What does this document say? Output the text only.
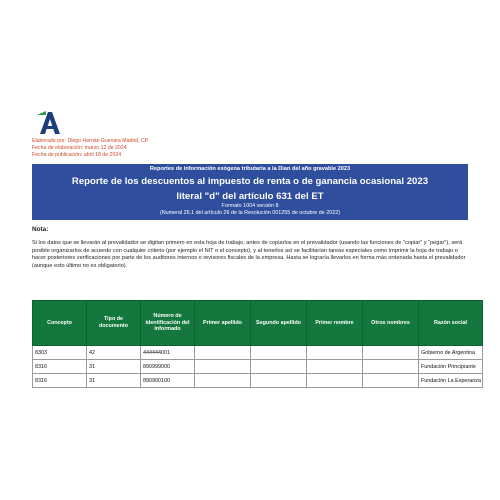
Elaborado por: Diego Hernán Guevara Madrid, CP
Fecha de elaboración: marzo 12 de 2024
Fecha de publicación: abril 18 de 2024
Reportes de información exógena tributaria a la Dian del año gravable 2023
Reporte de los descuentos al impuesto de renta o de ganancia ocasional 2023
literal "d" del artículo 631 del ET
Formato 1004 versión 8
(Numeral 26.1 del artículo 26 de la Resolución 001255 de octubre de 2022)
Nota:
Si los datos que se llevarán al prevalidador se digitan primero en esta hoja de trabajo, antes de copiarlos en el prevalidador (usando las funciones de "copiar" y "pegar"), será posible organizarlos de acuerdo con cualquier criterio (por ejemplo el NIT o el concepto), y al tenerlos así se facilitarían tareas especiales como imprimir la hoja de trabajo o hacer posteriores verificaciones por parte de los auditores internos o revisores fiscales de la empresa. Hasta se lograría llevarlos en forma más ordenada hasta el prevalidador (aunque esto último no es obligatorio).
Concepto	Tipo de documento	Número de identificación del informado	Primer apellido	Segundo apellido	Primer nombre	Otros nombres	Razón social
8303	42	444444001					Gobierno de Argentina
8316	31	890999000					Fundación Principiante
8316	31	890900100					Fundación La Esperanza
